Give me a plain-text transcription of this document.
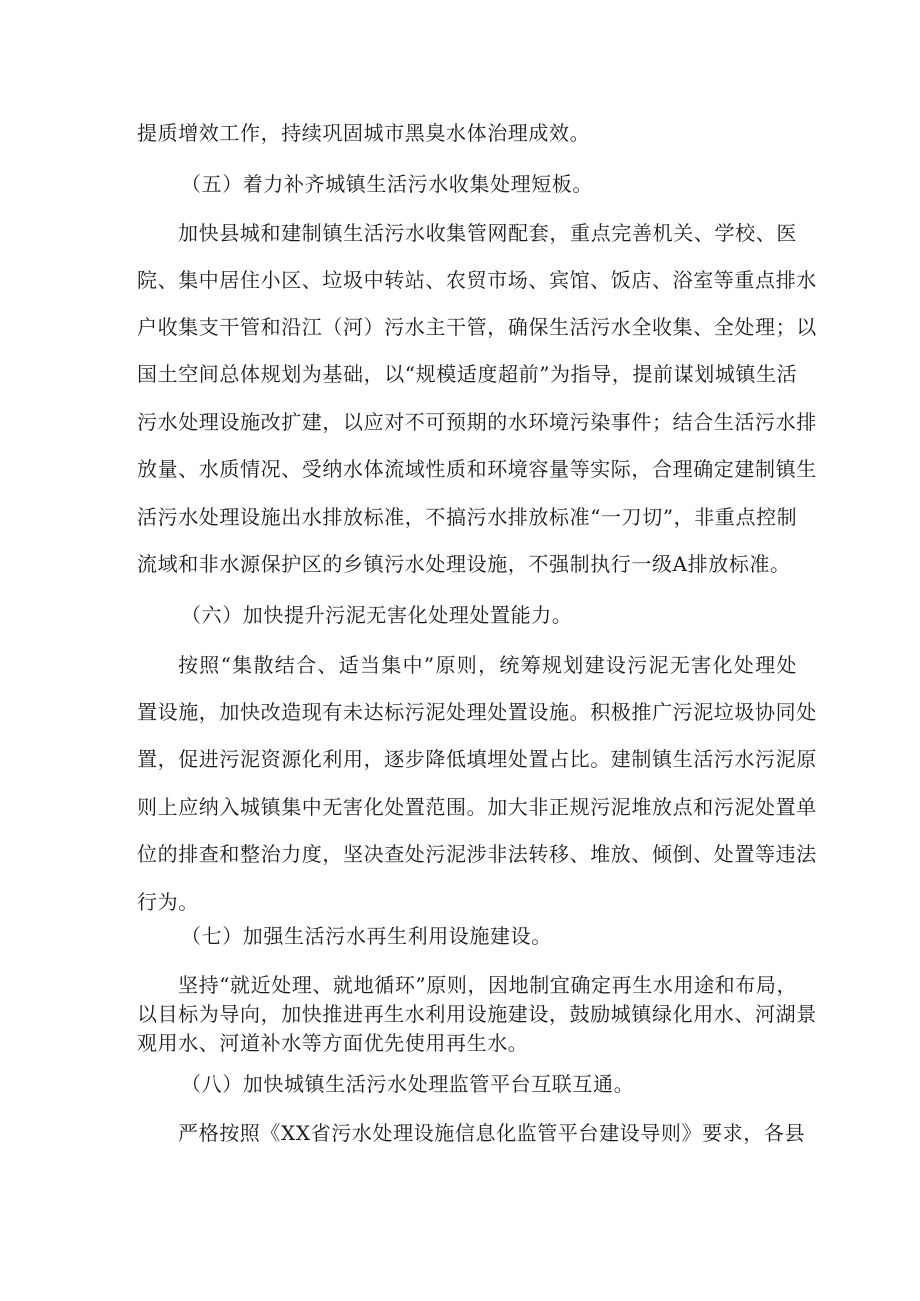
提质增效工作，持续巩固城市黑臭水体治理成效。
（五）着力补齐城镇生活污水收集处理短板。
加快县城和建制镇生活污水收集管网配套，重点完善机关、学校、医
院、集中居住小区、垃圾中转站、农贸市场、宾馆、饭店、浴室等重点排水
户收集支干管和沿江（河）污水主干管，确保生活污水全收集、全处理；以
国土空间总体规划为基础，以“规模适度超前”为指导，提前谋划城镇生活
污水处理设施改扩建，以应对不可预期的水环境污染事件；结合生活污水排
放量、水质情况、受纳水体流域性质和环境容量等实际，合理确定建制镇生
活污水处理设施出水排放标准，不搞污水排放标准“一刀切”，非重点控制
流域和非水源保护区的乡镇污水处理设施，不强制执行一级A排放标准。
（六）加快提升污泥无害化处理处置能力。
按照“集散结合、适当集中”原则，统筹规划建设污泥无害化处理处
置设施，加快改造现有未达标污泥处理处置设施。积极推广污泥垃圾协同处
置，促进污泥资源化利用，逐步降低填埋处置占比。建制镇生活污水污泥原
则上应纳入城镇集中无害化处置范围。加大非正规污泥堆放点和污泥处置单
位的排查和整治力度，坚决查处污泥涉非法转移、堆放、倾倒、处置等违法
行为。
（七）加强生活污水再生利用设施建设。
坚持“就近处理、就地循环”原则，因地制宜确定再生水用途和布局，
以目标为导向，加快推进再生水利用设施建设，鼓励城镇绿化用水、河湖景
观用水、河道补水等方面优先使用再生水。
（八）加快城镇生活污水处理监管平台互联互通。
严格按照《XX省污水处理设施信息化监管平台建设导则》要求，各县
